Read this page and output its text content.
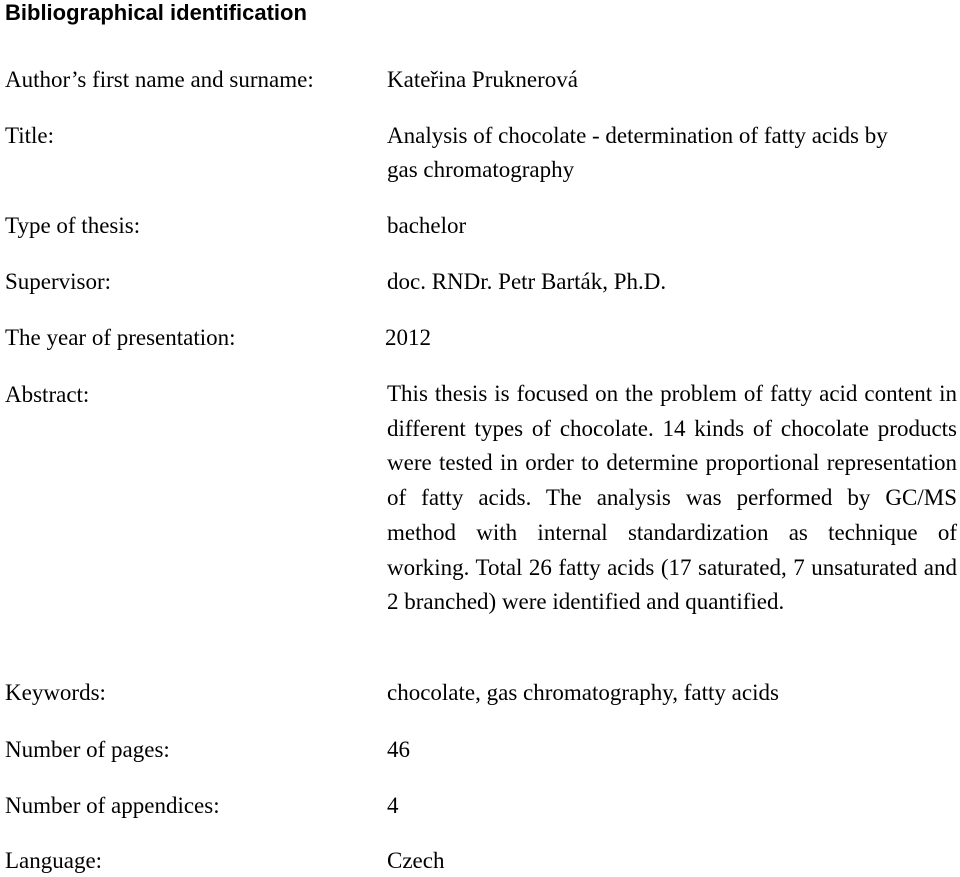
Bibliographical identification
Author’s first name and surname:	Kateřina Pruknerová
Title:	Analysis of chocolate - determination of fatty acids by
gas chromatography
Type of thesis:	bachelor
Supervisor:	doc. RNDr. Petr Barták, Ph.D.
The year of presentation:	2012
Abstract:	This thesis is focused on the problem of fatty acid content in different types of chocolate. 14 kinds of chocolate products were tested in order to determine proportional representation of fatty acids. The analysis was performed by GC/MS method with internal standardization as technique of working. Total 26 fatty acids (17 saturated, 7 unsaturated and 2 branched) were identified and quantified.

Keywords:	chocolate, gas chromatography, fatty acids
Number of pages:	46
Number of appendices:	4
Language:	Czech
